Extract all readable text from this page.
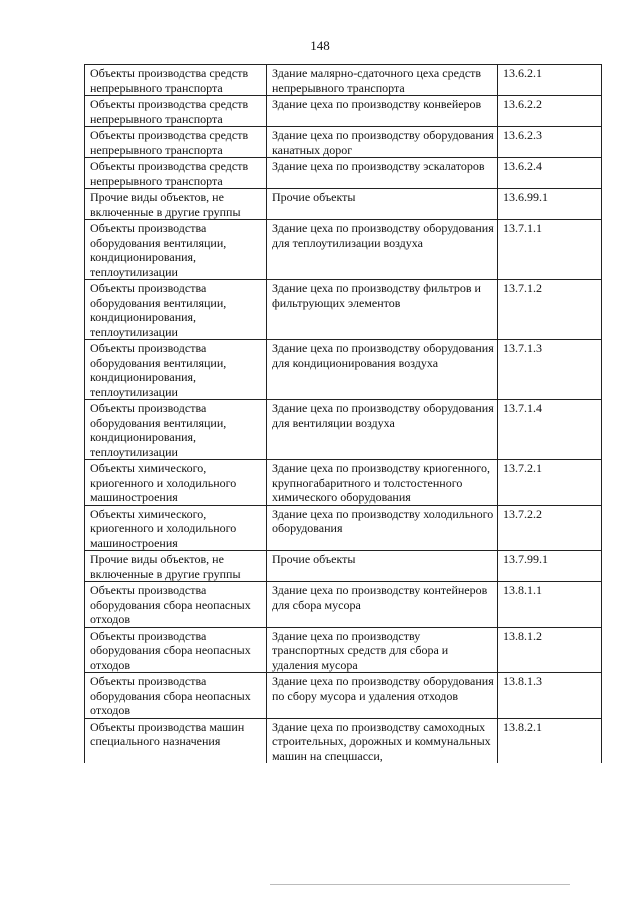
148
Объекты производства средств непрерывного транспорта	Здание малярно-сдаточного цеха средств непрерывного транспорта	13.6.2.1
Объекты производства средств непрерывного транспорта	Здание цеха по производству конвейеров	13.6.2.2
Объекты производства средств непрерывного транспорта	Здание цеха по производству оборудования канатных дорог	13.6.2.3
Объекты производства средств непрерывного транспорта	Здание цеха по производству эскалаторов	13.6.2.4
Прочие виды объектов, не включенные в другие группы	Прочие объекты	13.6.99.1
Объекты производства оборудования вентиляции, кондиционирования, теплоутилизации	Здание цеха по производству оборудования для теплоутилизации воздуха	13.7.1.1
Объекты производства оборудования вентиляции, кондиционирования, теплоутилизации	Здание цеха по производству фильтров и фильтрующих элементов	13.7.1.2
Объекты производства оборудования вентиляции, кондиционирования, теплоутилизации	Здание цеха по производству оборудования для кондиционирования воздуха	13.7.1.3
Объекты производства оборудования вентиляции, кондиционирования, теплоутилизации	Здание цеха по производству оборудования для вентиляции воздуха	13.7.1.4
Объекты химического, криогенного и холодильного машиностроения	Здание цеха по производству криогенного, крупногабаритного и толстостенного химического оборудования	13.7.2.1
Объекты химического, криогенного и холодильного машиностроения	Здание цеха по производству холодильного оборудования	13.7.2.2
Прочие виды объектов, не включенные в другие группы	Прочие объекты	13.7.99.1
Объекты производства оборудования сбора неопасных отходов	Здание цеха по производству контейнеров для сбора мусора	13.8.1.1
Объекты производства оборудования сбора неопасных отходов	Здание цеха по производству транспортных средств для сбора и удаления мусора	13.8.1.2
Объекты производства оборудования сбора неопасных отходов	Здание цеха по производству оборудования по сбору мусора и удаления отходов	13.8.1.3
Объекты производства машин специального назначения	Здание цеха по производству самоходных строительных, дорожных и коммунальных машин на спецшасси,	13.8.2.1
